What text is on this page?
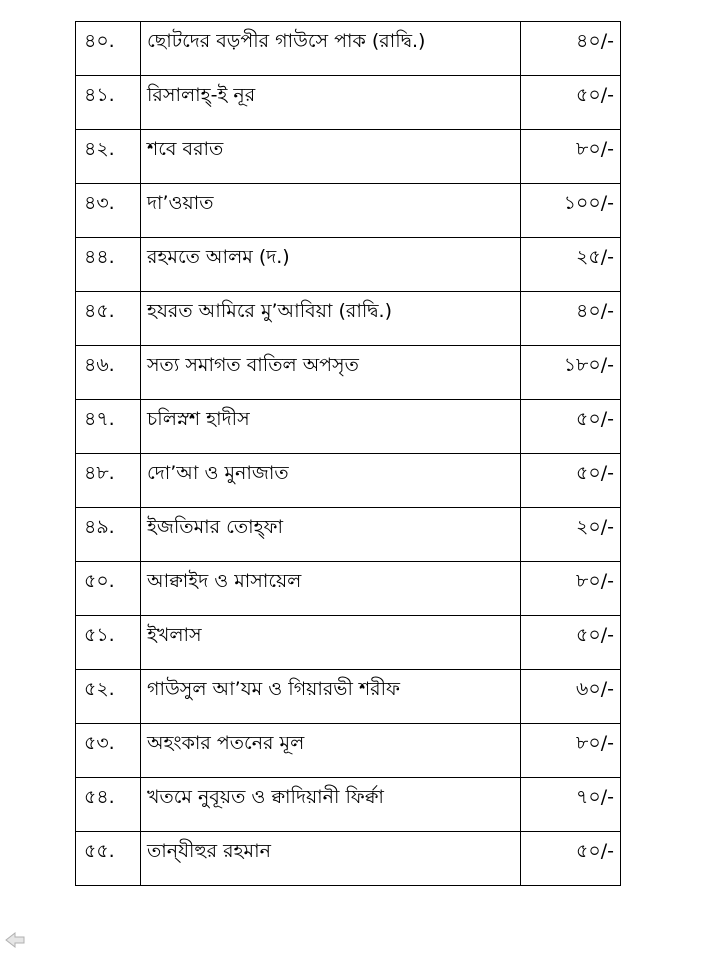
৪০.	ছোটদের বড়পীর গাউসে পাক (রাদ্বি.)	৪০/-
৪১.	রিসালাহ্‌-ই নূর	৫০/-
৪২.	শবে বরাত	৮০/-
৪৩.	দা’ওয়াত	১০০/-
৪৪.	রহমতে আলম (দ.)	২৫/-
৪৫.	হযরত আমিরে মু’আবিয়া (রাদ্বি.)	৪০/-
৪৬.	সত্য সমাগত বাতিল অপসৃত	১৮০/-
৪৭.	চলিস্নশ হাদীস	৫০/-
৪৮.	দো’আ ও মুনাজাত	৫০/-
৪৯.	ইজতিমার তোহ্‌ফা	২০/-
৫০.	আক্বাইদ ও মাসায়েল	৮০/-
৫১.	ইখলাস	৫০/-
৫২.	গাউসুল আ’যম ও গিয়ারভী শরীফ	৬০/-
৫৩.	অহংকার পতনের মূল	৮০/-
৫৪.	খতমে নুবূয়ত ও ক্বাদিয়ানী ফির্ক্বা	৭০/-
৫৫.	তান্‌যীহুর রহমান	৫০/-
